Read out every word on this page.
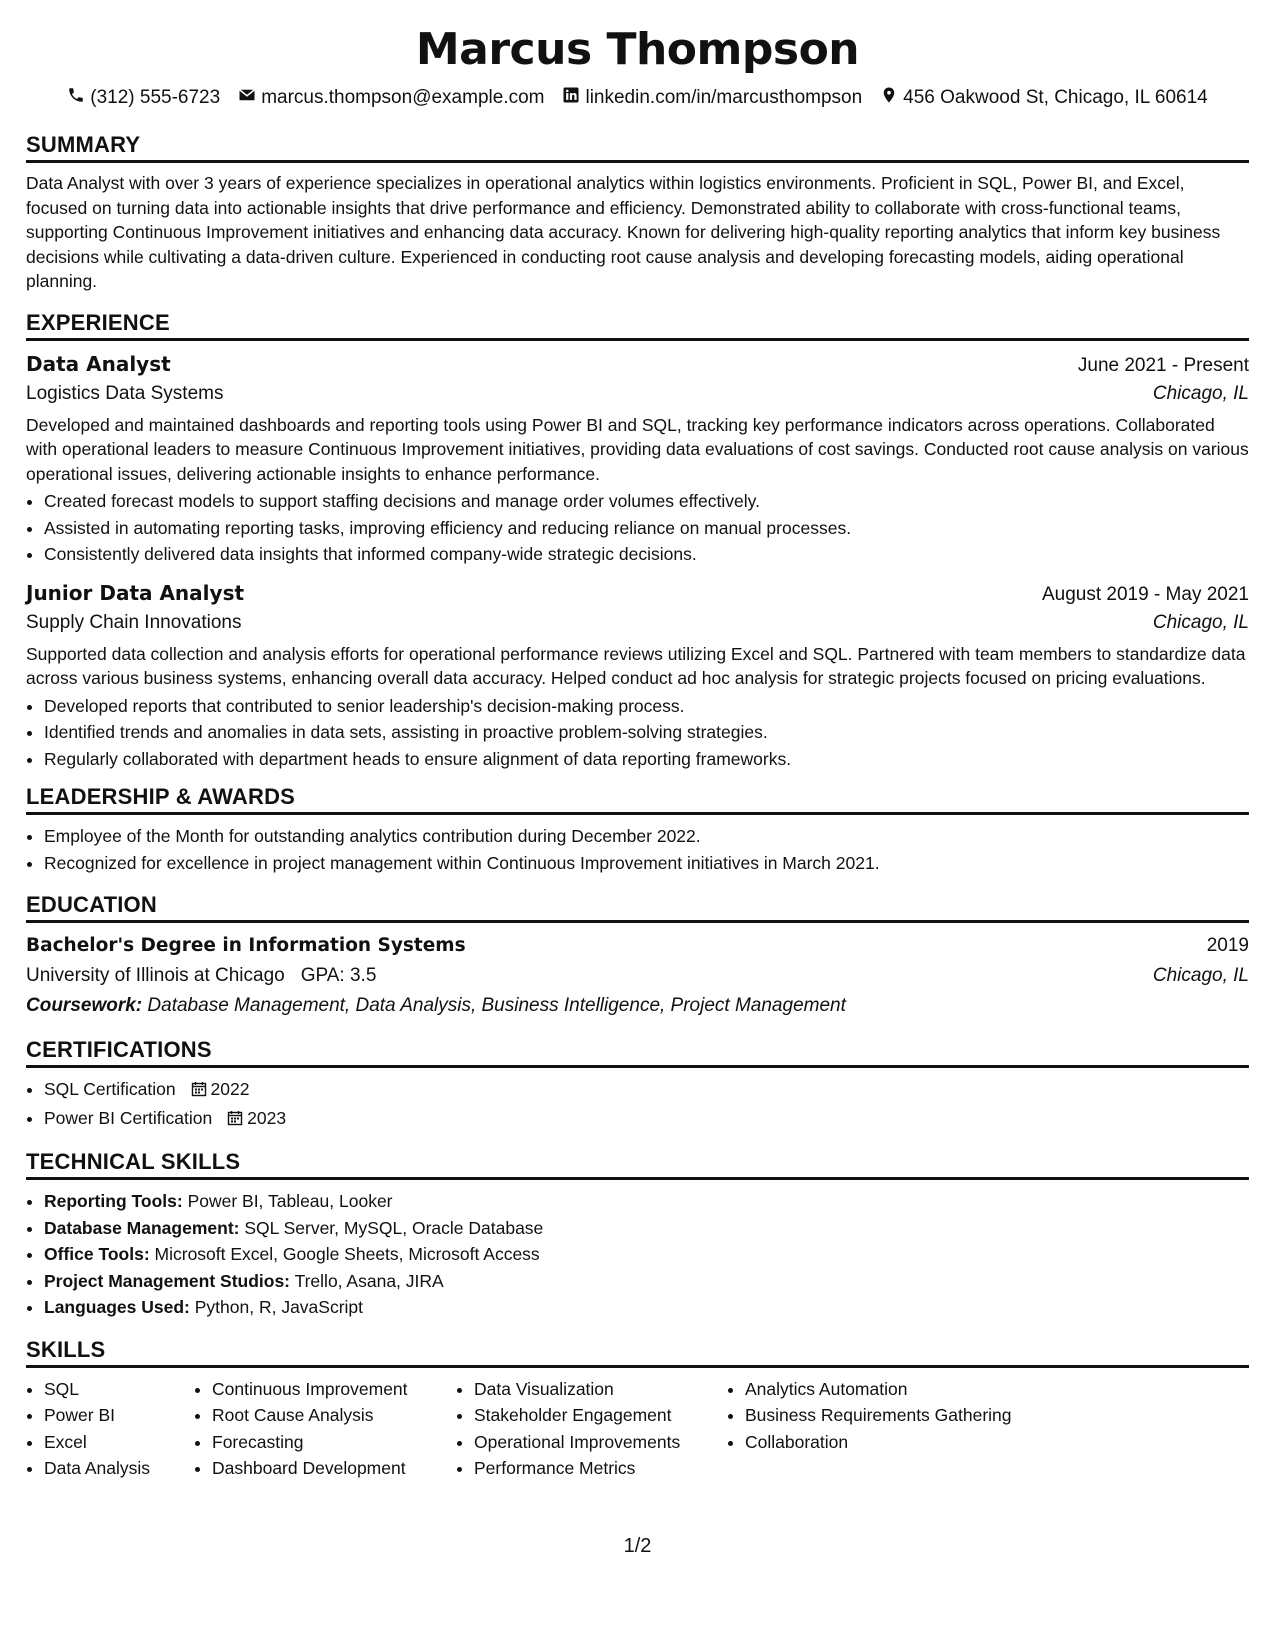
Marcus Thompson
(312) 555-6723 marcus.thompson@example.com linkedin.com/in/marcusthompson 456 Oakwood St, Chicago, IL 60614
SUMMARY

Data Analyst with over 3 years of experience specializes in operational analytics within logistics environments. Proficient in SQL, Power BI, and Excel, focused on turning data into actionable insights that drive performance and efficiency. Demonstrated ability to collaborate with cross-functional teams, supporting Continuous Improvement initiatives and enhancing data accuracy. Known for delivering high-quality reporting analytics that inform key business decisions while cultivating a data-driven culture. Experienced in conducting root cause analysis and developing forecasting models, aiding operational planning.

EXPERIENCE
Data Analyst	June 2021 - Present
Logistics Data Systems	Chicago, IL

Developed and maintained dashboards and reporting tools using Power BI and SQL, tracking key performance indicators across operations. Collaborated with operational leaders to measure Continuous Improvement initiatives, providing data evaluations of cost savings. Conducted root cause analysis on various operational issues, delivering actionable insights to enhance performance.

• Created forecast models to support staffing decisions and manage order volumes effectively.
• Assisted in automating reporting tasks, improving efficiency and reducing reliance on manual processes.
• Consistently delivered data insights that informed company-wide strategic decisions.
Junior Data Analyst	August 2019 - May 2021
Supply Chain Innovations	Chicago, IL

Supported data collection and analysis efforts for operational performance reviews utilizing Excel and SQL. Partnered with team members to standardize data across various business systems, enhancing overall data accuracy. Helped conduct ad hoc analysis for strategic projects focused on pricing evaluations.

• Developed reports that contributed to senior leadership's decision-making process.
• Identified trends and anomalies in data sets, assisting in proactive problem-solving strategies.
• Regularly collaborated with department heads to ensure alignment of data reporting frameworks.
LEADERSHIP & AWARDS
• Employee of the Month for outstanding analytics contribution during December 2022.
• Recognized for excellence in project management within Continuous Improvement initiatives in March 2021.
EDUCATION
Bachelor's Degree in Information Systems	2019
University of Illinois at Chicago GPA: 3.5	Chicago, IL
Coursework: Database Management, Data Analysis, Business Intelligence, Project Management
CERTIFICATIONS
• SQL Certification 2022
• Power BI Certification 2023
TECHNICAL SKILLS
• Reporting Tools: Power BI, Tableau, Looker
• Database Management: SQL Server, MySQL, Oracle Database
• Office Tools: Microsoft Excel, Google Sheets, Microsoft Access
• Project Management Studios: Trello, Asana, JIRA
• Languages Used: Python, R, JavaScript
SKILLS
• SQL
• Power BI
• Excel
• Data Analysis
• Continuous Improvement
• Root Cause Analysis
• Forecasting
• Dashboard Development
• Data Visualization
• Stakeholder Engagement
• Operational Improvements
• Performance Metrics
• Analytics Automation
• Business Requirements Gathering
• Collaboration
1/2
